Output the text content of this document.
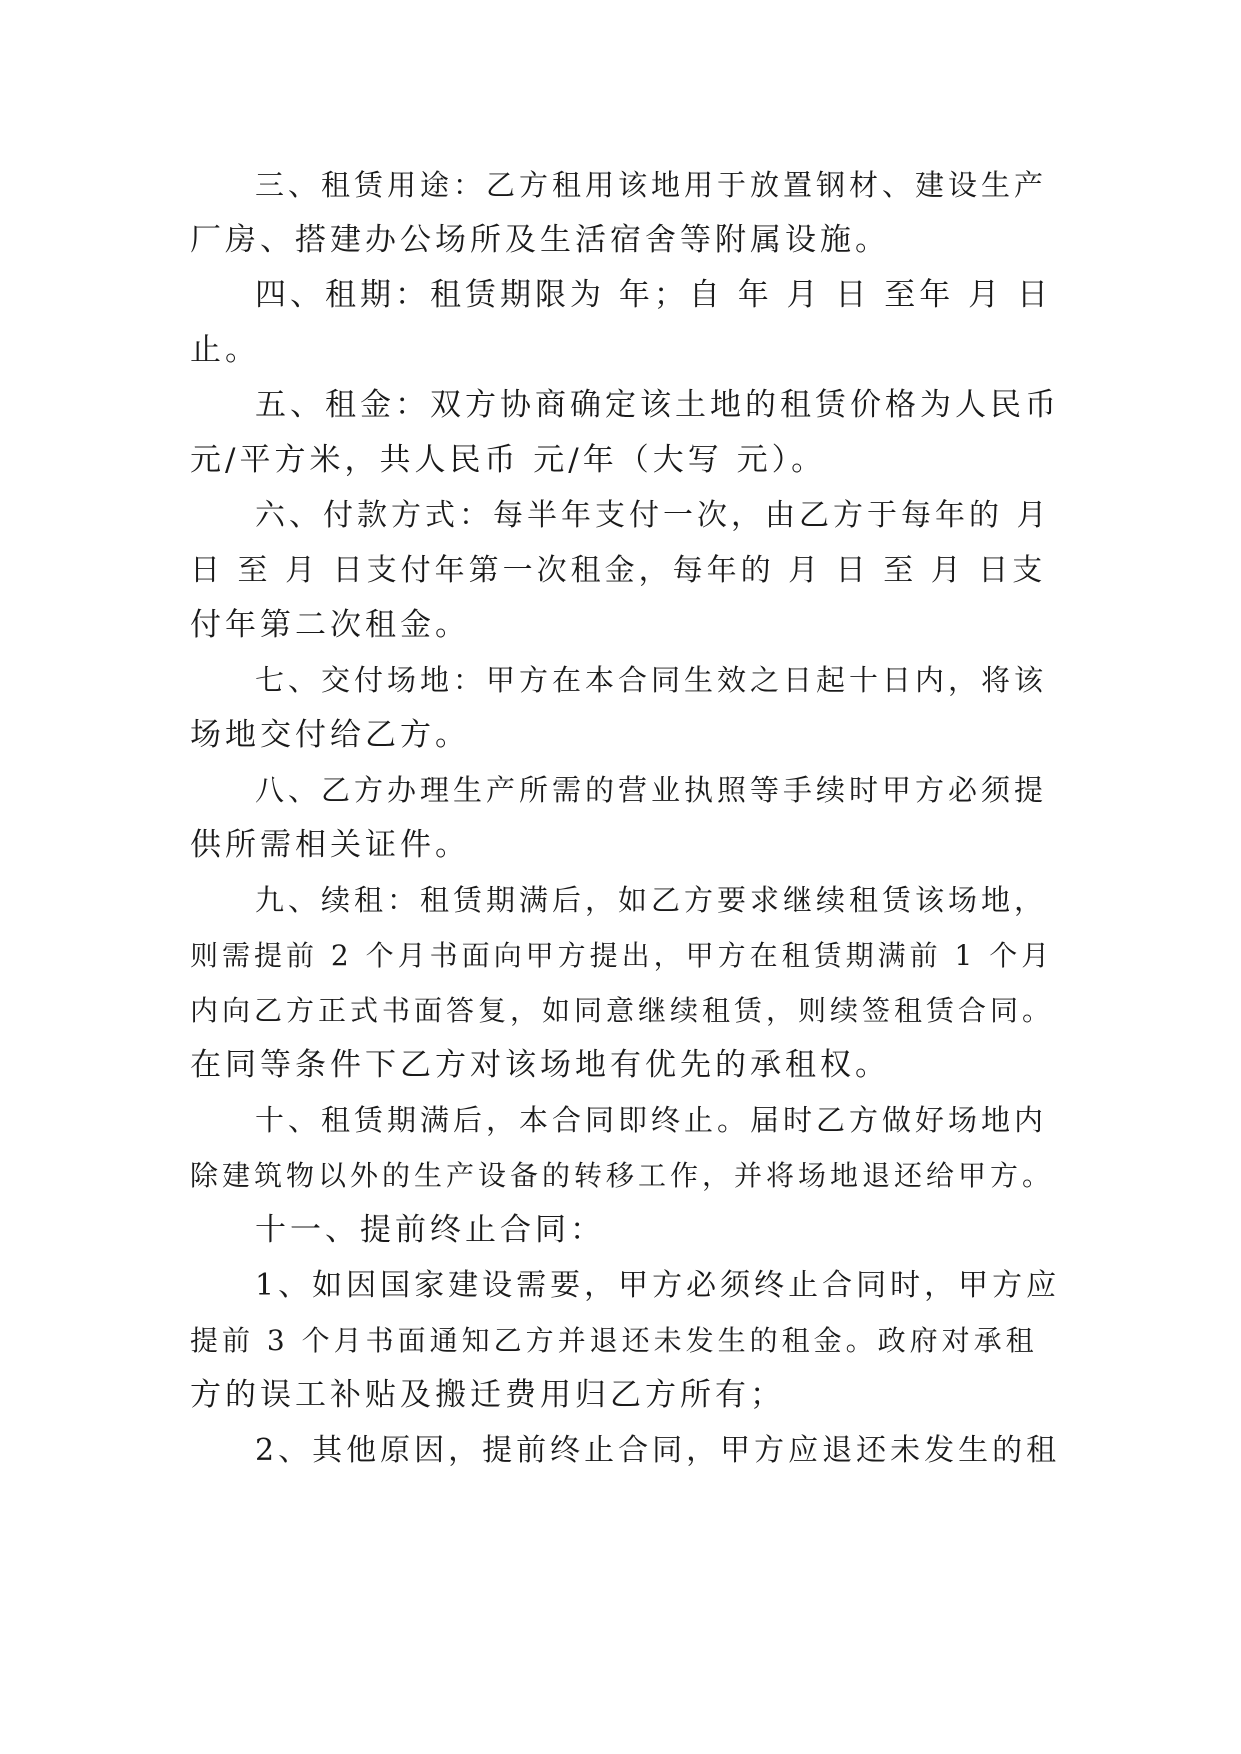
三、租赁用途：乙方租用该地用于放置钢材、建设生产
厂房、搭建办公场所及生活宿舍等附属设施。
四、租期：租赁期限为 年；自 年 月 日 至年 月 日
止。
五、租金：双方协商确定该土地的租赁价格为人民币
元/平方米，共人民币 元/年（大写 元）。
六、付款方式：每半年支付一次，由乙方于每年的 月
日 至 月 日支付年第一次租金，每年的 月 日 至 月 日支
付年第二次租金。
七、交付场地：甲方在本合同生效之日起十日内，将该
场地交付给乙方。
八、乙方办理生产所需的营业执照等手续时甲方必须提
供所需相关证件。
九、续租：租赁期满后，如乙方要求继续租赁该场地，
则需提前 2 个月书面向甲方提出，甲方在租赁期满前 1 个月
内向乙方正式书面答复，如同意继续租赁，则续签租赁合同。
在同等条件下乙方对该场地有优先的承租权。
十、租赁期满后，本合同即终止。届时乙方做好场地内
除建筑物以外的生产设备的转移工作，并将场地退还给甲方。
十一、提前终止合同：
1、如因国家建设需要，甲方必须终止合同时，甲方应
提前 3 个月书面通知乙方并退还未发生的租金。政府对承租
方的误工补贴及搬迁费用归乙方所有；
2、其他原因，提前终止合同，甲方应退还未发生的租
